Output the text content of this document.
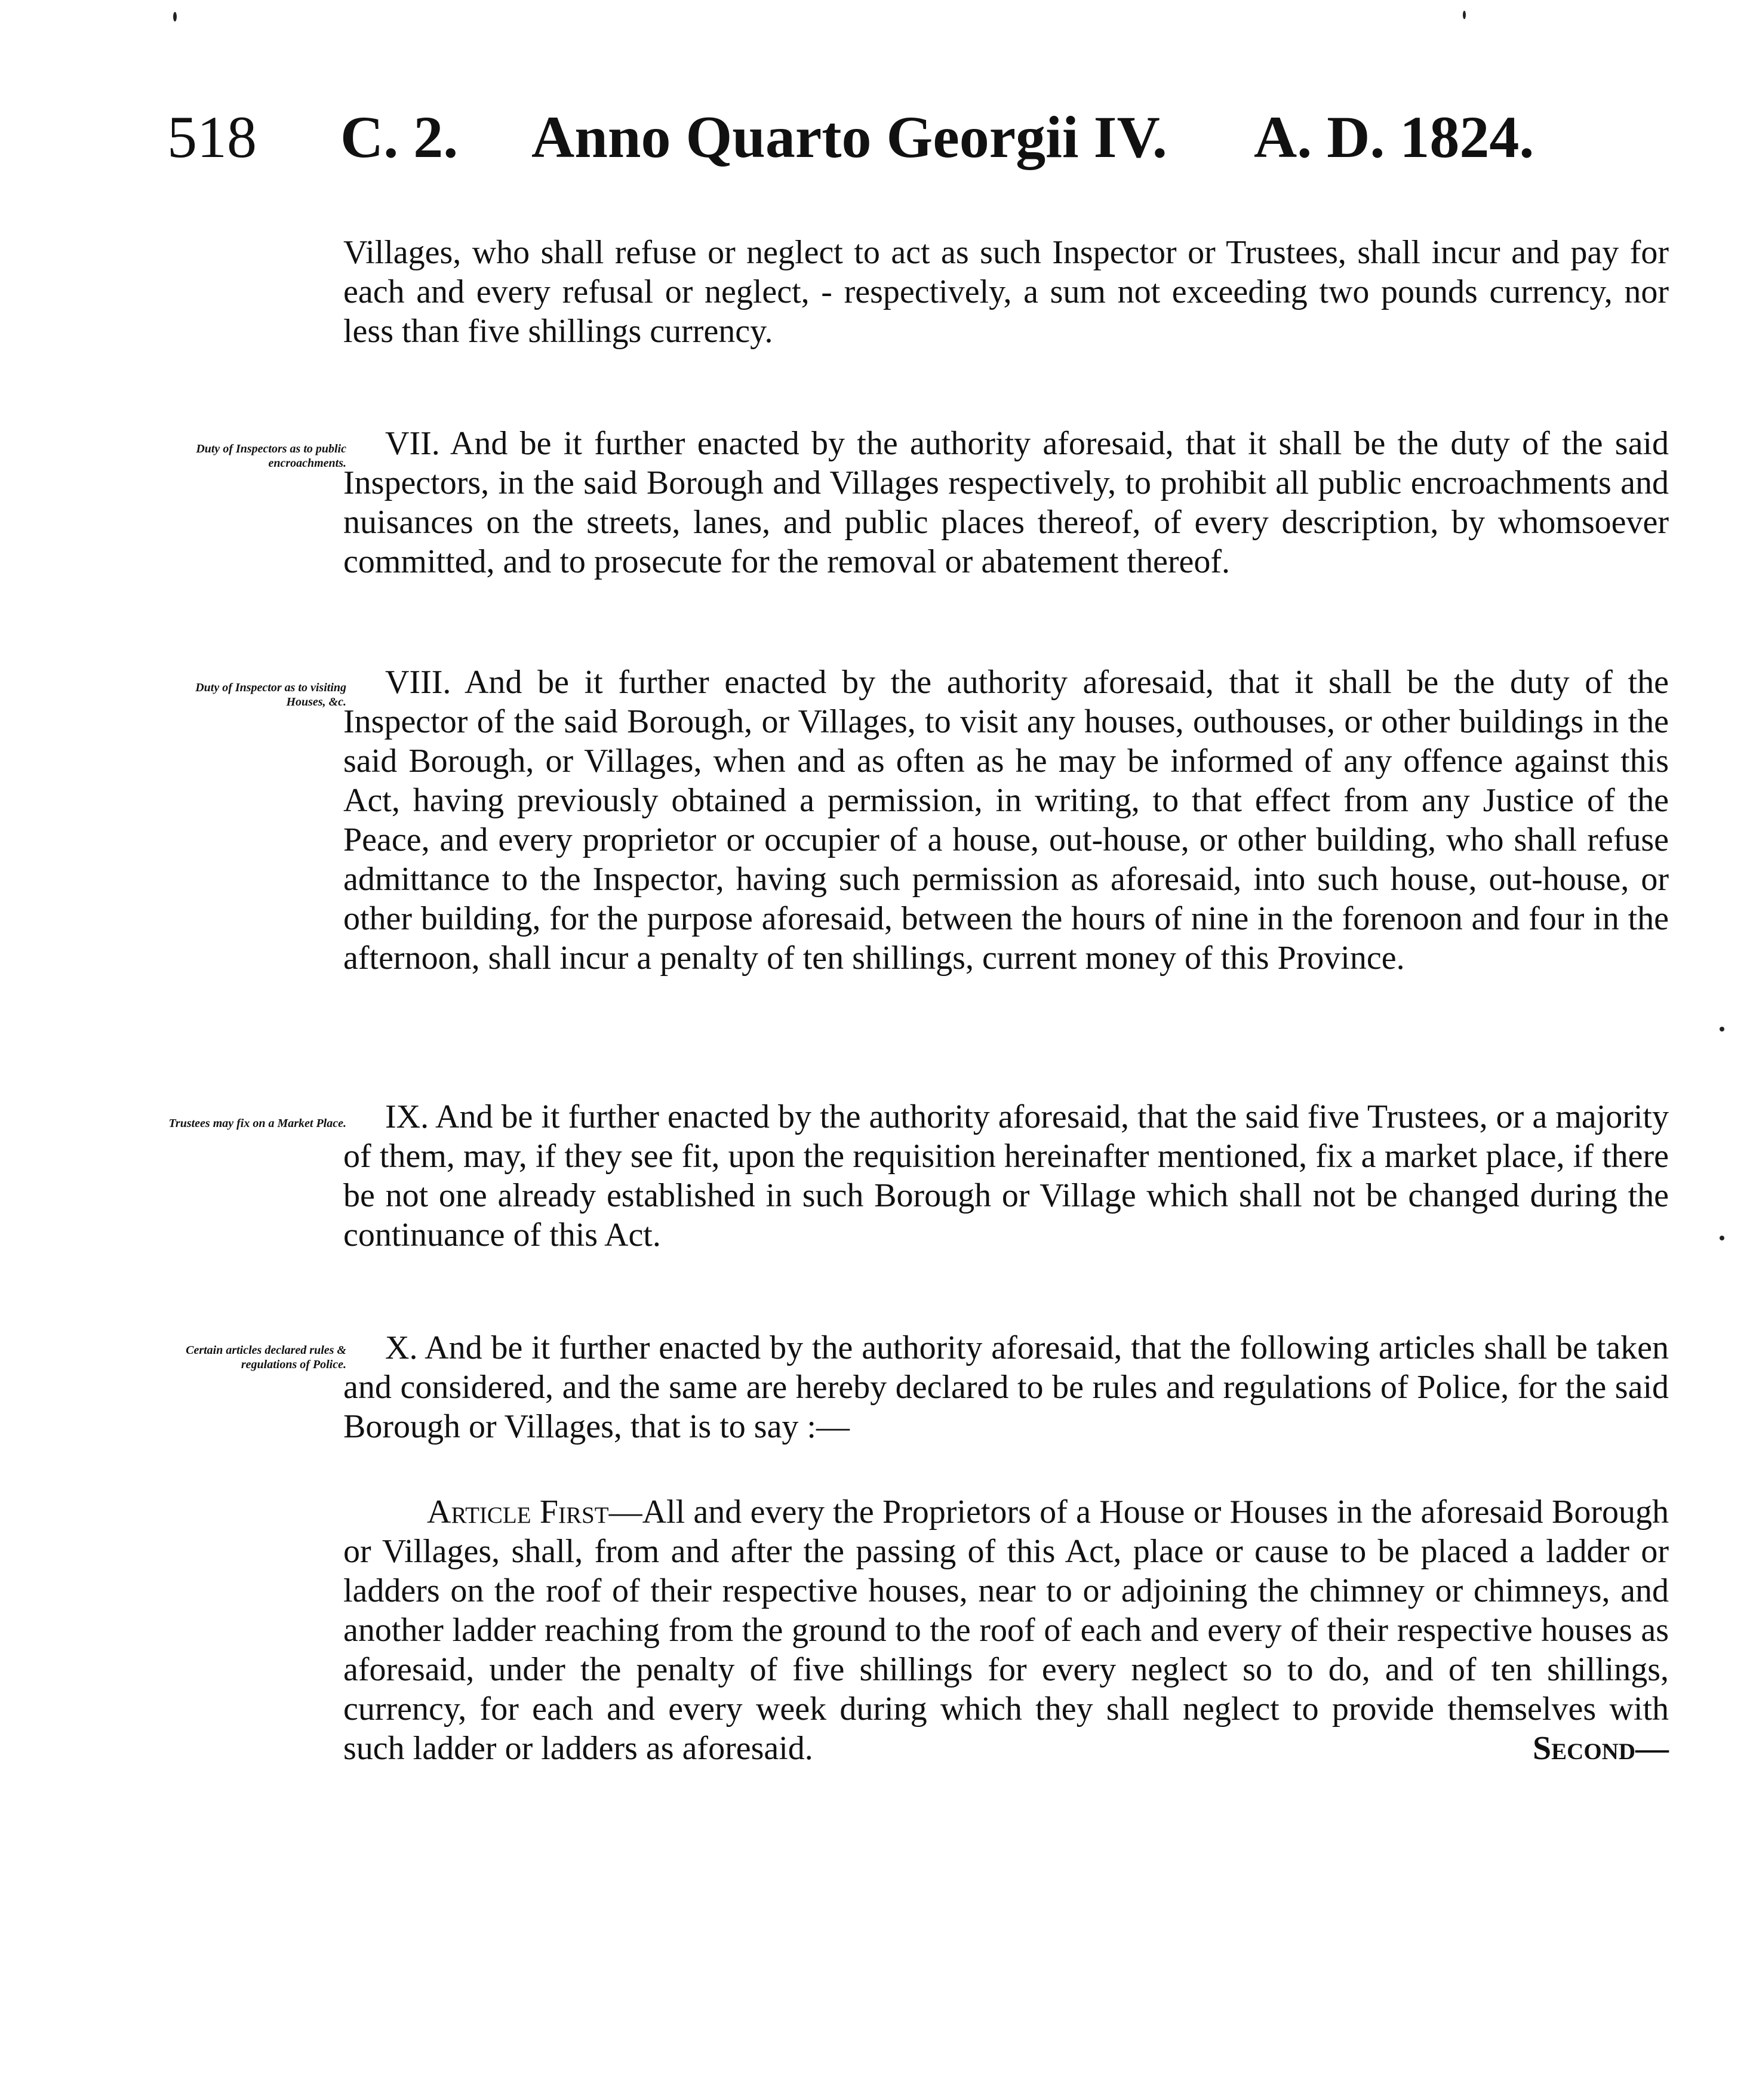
518 C. 2. Anno Quarto Georgii IV. A. D. 1824.

Villages, who shall refuse or neglect to act as such Inspector or Trustees, shall incur and pay for each and every refusal or neglect, - respectively, a sum not exceeding two pounds currency, nor less than five shillings currency.

Duty of Inspectors as to public encroachments.

VII. And be it further enacted by the authority aforesaid, that it shall be the duty of the said Inspectors, in the said Borough and Villages respectively, to prohibit all public encroachments and nuisances on the streets, lanes, and public places thereof, of every description, by whomsoever committed, and to prosecute for the removal or abatement thereof.

Duty of Inspector as to visiting Houses, &c.

VIII. And be it further enacted by the authority aforesaid, that it shall be the duty of the Inspector of the said Borough, or Villages, to visit any houses, outhouses, or other buildings in the said Borough, or Villages, when and as often as he may be informed of any offence against this Act, having previously obtained a permission, in writing, to that effect from any Justice of the Peace, and every proprietor or occupier of a house, out-house, or other building, who shall refuse admittance to the Inspector, having such permission as aforesaid, into such house, out-house, or other building, for the purpose aforesaid, between the hours of nine in the forenoon and four in the afternoon, shall incur a penalty of ten shillings, current money of this Province.

Trustees may fix on a Market Place.	IX. And be it further enacted by the authority aforesaid, that the said five Trustees, or a majority of them, may, if they see fit, upon the requisition hereinafter mentioned, fix a market place, if there be not one already established in such Borough or Village which shall not be changed during the continuance of this Act.

Certain articles declared rules & regulations of Police.	X. And be it further enacted by the authority aforesaid, that the following articles shall be taken and considered, and the same are hereby declared to be rules and regulations of Police, for the said Borough or Villages, that is to say :—

Article First—All and every the Proprietors of a House or Houses in the aforesaid Borough or Villages, shall, from and after the passing of this Act, place or cause to be placed a ladder or ladders on the roof of their respective houses, near to or adjoining the chimney or chimneys, and another ladder reaching from the ground to the roof of each and every of their respective houses as aforesaid, under the penalty of five shillings for every neglect so to do, and of ten shillings, currency, for each and every week during which they shall neglect to provide themselves with such ladder or ladders as aforesaid.	Second—
